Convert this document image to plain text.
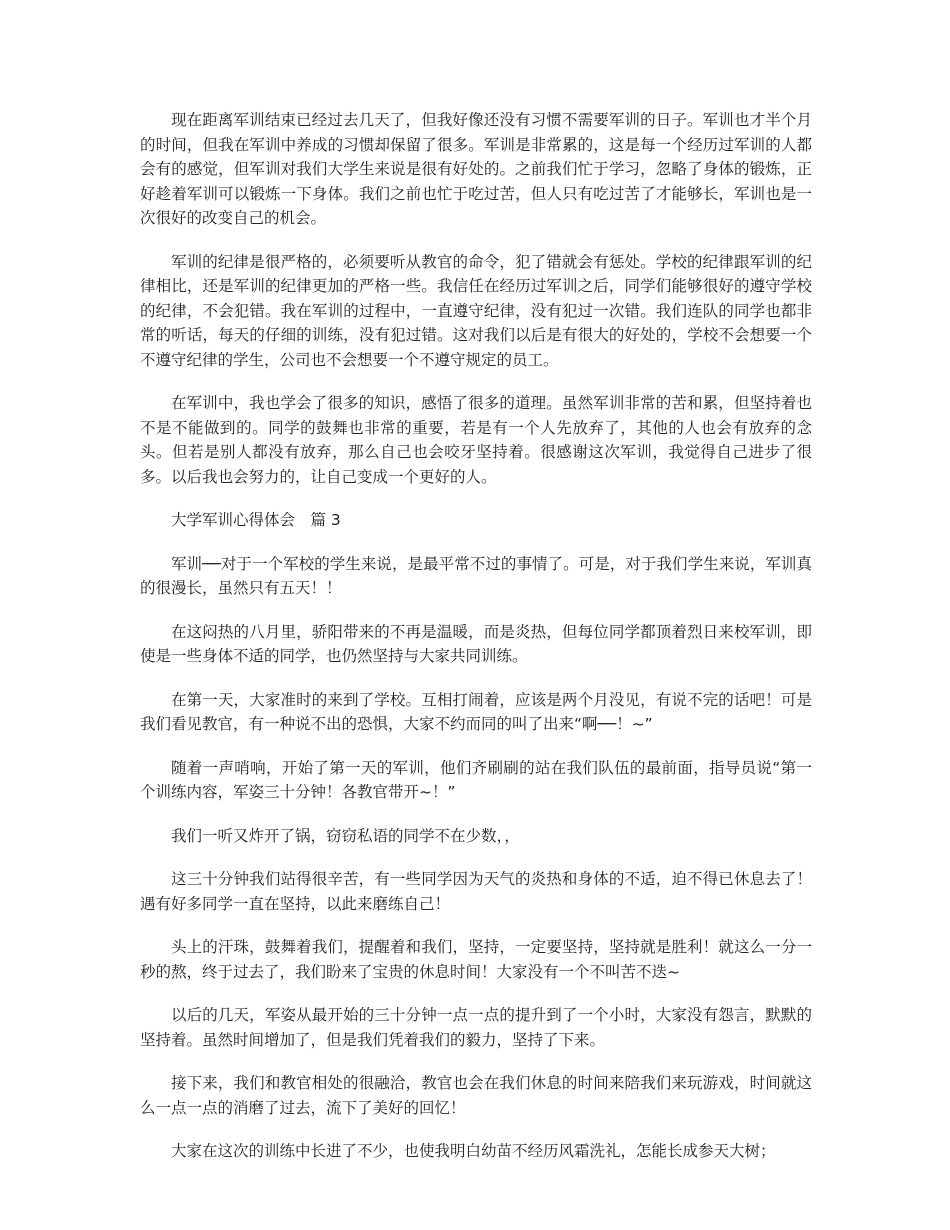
现在距离军训结束已经过去几天了，但我好像还没有习惯不需要军训的日子。军训也才半个月的时间，但我在军训中养成的习惯却保留了很多。军训是非常累的，这是每一个经历过军训的人都会有的感觉，但军训对我们大学生来说是很有好处的。之前我们忙于学习，忽略了身体的锻炼，正好趁着军训可以锻炼一下身体。我们之前也忙于吃过苦，但人只有吃过苦了才能够长，军训也是一次很好的改变自己的机会。

军训的纪律是很严格的，必须要听从教官的命令，犯了错就会有惩处。学校的纪律跟军训的纪律相比，还是军训的纪律更加的严格一些。我信任在经历过军训之后，同学们能够很好的遵守学校的纪律，不会犯错。我在军训的过程中，一直遵守纪律，没有犯过一次错。我们连队的同学也都非常的听话，每天的仔细的训练，没有犯过错。这对我们以后是有很大的好处的，学校不会想要一个不遵守纪律的学生，公司也不会想要一个不遵守规定的员工。

在军训中，我也学会了很多的知识，感悟了很多的道理。虽然军训非常的苦和累，但坚持着也不是不能做到的。同学的鼓舞也非常的重要，若是有一个人先放弃了，其他的人也会有放弃的念头。但若是别人都没有放弃，那么自己也会咬牙坚持着。很感谢这次军训，我觉得自己进步了很多。以后我也会努力的，让自己变成一个更好的人。

大学军训心得体会　篇 3

军训──对于一个军校的学生来说，是最平常不过的事情了。可是，对于我们学生来说，军训真的很漫长，虽然只有五天！！

在这闷热的八月里，骄阳带来的不再是温暖，而是炎热，但每位同学都顶着烈日来校军训，即使是一些身体不适的同学，也仍然坚持与大家共同训练。

在第一天，大家准时的来到了学校。互相打闹着，应该是两个月没见，有说不完的话吧！可是我们看见教官，有一种说不出的恐惧，大家不约而同的叫了出来“啊──！~”

随着一声哨响，开始了第一天的军训，他们齐刷刷的站在我们队伍的最前面，指导员说“第一个训练内容，军姿三十分钟！各教官带开~！”

我们一听又炸开了锅，窃窃私语的同学不在少数，，

这三十分钟我们站得很辛苦，有一些同学因为天气的炎热和身体的不适，迫不得已休息去了！遇有好多同学一直在坚持，以此来磨练自己！

头上的汗珠，鼓舞着我们，提醒着和我们，坚持，一定要坚持，坚持就是胜利！就这么一分一秒的熬，终于过去了，我们盼来了宝贵的休息时间！大家没有一个不叫苦不迭~

以后的几天，军姿从最开始的三十分钟一点一点的提升到了一个小时，大家没有怨言，默默的坚持着。虽然时间增加了，但是我们凭着我们的毅力，坚持了下来。

接下来，我们和教官相处的很融洽，教官也会在我们休息的时间来陪我们来玩游戏，时间就这么一点一点的消磨了过去，流下了美好的回忆！

大家在这次的训练中长进了不少，也使我明白幼苗不经历风霜洗礼，怎能长成参天大树；
